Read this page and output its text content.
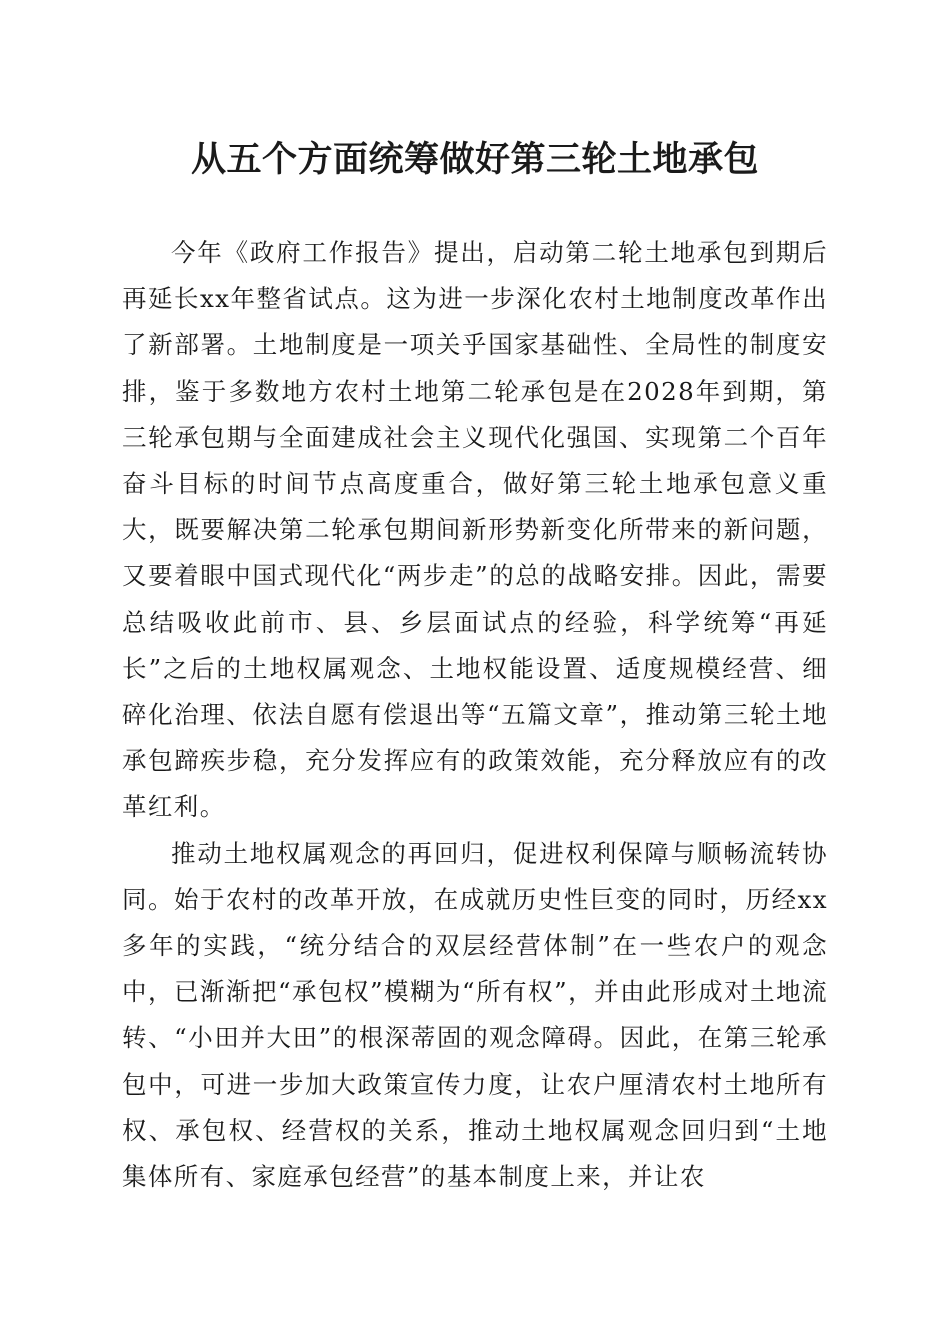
从五个方面统筹做好第三轮土地承包

今年《政府工作报告》提出，启动第二轮土地承包到期后再延长xx年整省试点。这为进一步深化农村土地制度改革作出了新部署。土地制度是一项关乎国家基础性、全局性的制度安排，鉴于多数地方农村土地第二轮承包是在2028年到期，第三轮承包期与全面建成社会主义现代化强国、实现第二个百年奋斗目标的时间节点高度重合，做好第三轮土地承包意义重大，既要解决第二轮承包期间新形势新变化所带来的新问题，又要着眼中国式现代化“两步走”的总的战略安排。因此，需要总结吸收此前市、县、乡层面试点的经验，科学统筹“再延长”之后的土地权属观念、土地权能设置、适度规模经营、细碎化治理、依法自愿有偿退出等“五篇文章”，推动第三轮土地承包蹄疾步稳，充分发挥应有的政策效能，充分释放应有的改革红利。

推动土地权属观念的再回归，促进权利保障与顺畅流转协同。始于农村的改革开放，在成就历史性巨变的同时，历经xx多年的实践，“统分结合的双层经营体制”在一些农户的观念中，已渐渐把“承包权”模糊为“所有权”，并由此形成对土地流转、“小田并大田”的根深蒂固的观念障碍。因此，在第三轮承包中，可进一步加大政策宣传力度，让农户厘清农村土地所有权、承包权、经营权的关系，推动土地权属观念回归到“土地集体所有、家庭承包经营”的基本制度上来，并让农
